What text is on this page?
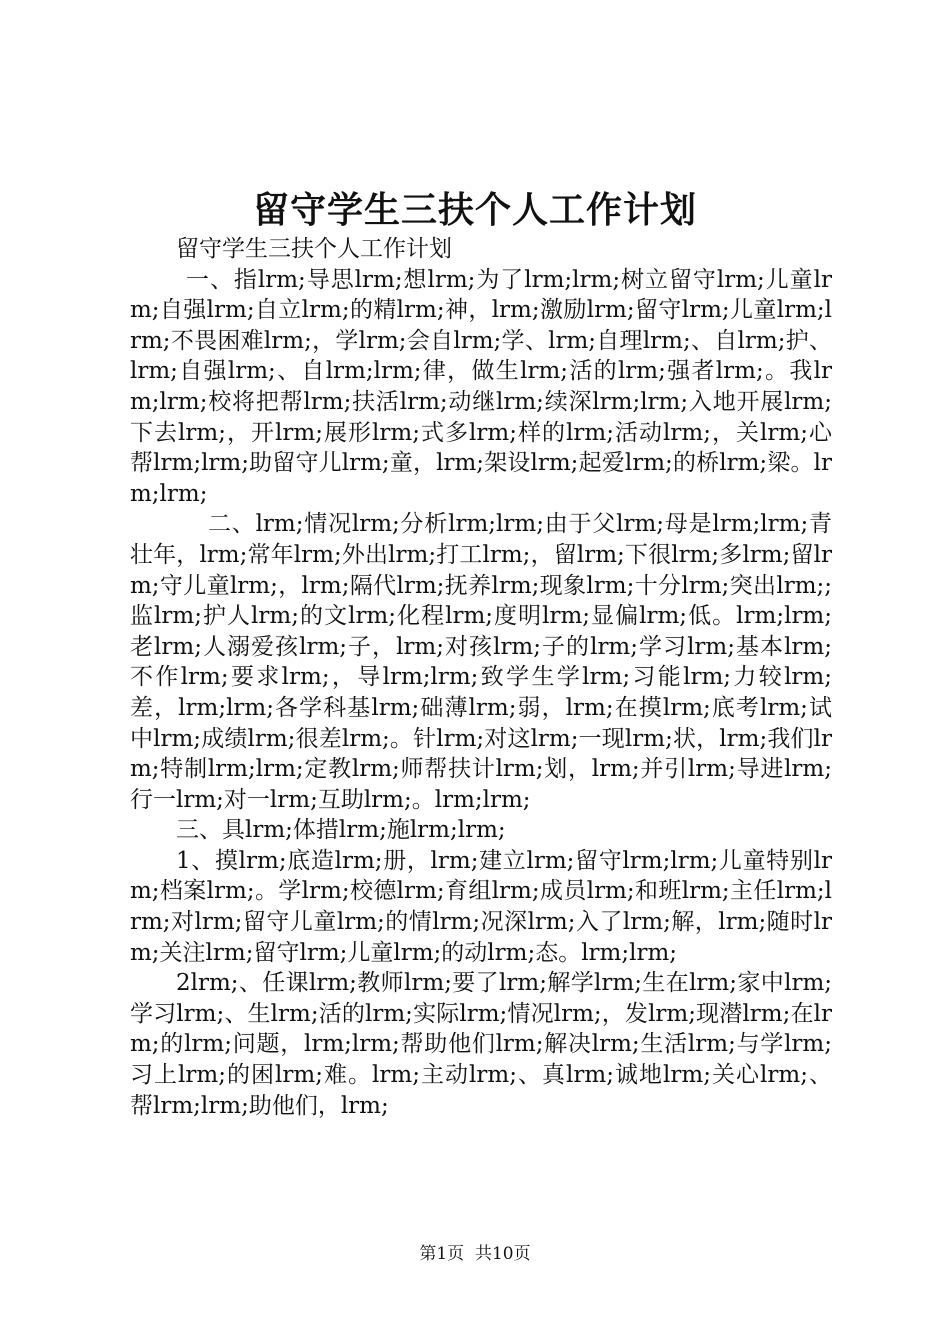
留守学生三扶个人工作计划

留守学生三扶个人工作计划

一、指lrm;导思lrm;想lrm;为了lrm;lrm;树立留守lrm;儿童lrm;自强lrm;自立lrm;的精lrm;神，lrm;激励lrm;留守lrm;儿童lrm;lrm;不畏困难lrm;，学lrm;会自lrm;学、lrm;自理lrm;、自lrm;护、lrm;自强lrm;、自lrm;lrm;律，做生lrm;活的lrm;强者lrm;。我lrm;lrm;校将把帮lrm;扶活lrm;动继lrm;续深lrm;lrm;入地开展lrm;下去lrm;，开lrm;展形lrm;式多lrm;样的lrm;活动lrm;，关lrm;心帮lrm;lrm;助留守儿lrm;童，lrm;架设lrm;起爱lrm;的桥lrm;梁。lrm;lrm;

二、lrm;情况lrm;分析lrm;lrm;由于父lrm;母是lrm;lrm;青壮年，lrm;常年lrm;外出lrm;打工lrm;，留lrm;下很lrm;多lrm;留lrm;守儿童lrm;，lrm;隔代lrm;抚养lrm;现象lrm;十分lrm;突出lrm;;监lrm;护人lrm;的文lrm;化程lrm;度明lrm;显偏lrm;低。lrm;lrm;老lrm;人溺爱孩lrm;子，lrm;对孩lrm;子的lrm;学习lrm;基本lrm;不作lrm;要求lrm;，导lrm;lrm;致学生学lrm;习能lrm;力较lrm;差，lrm;lrm;各学科基lrm;础薄lrm;弱，lrm;在摸lrm;底考lrm;试中lrm;成绩lrm;很差lrm;。针lrm;对这lrm;一现lrm;状，lrm;我们lrm;特制lrm;lrm;定教lrm;师帮扶计lrm;划，lrm;并引lrm;导进lrm;行一lrm;对一lrm;互助lrm;。lrm;lrm;

三、具lrm;体措lrm;施lrm;lrm;

1、摸lrm;底造lrm;册，lrm;建立lrm;留守lrm;lrm;儿童特别lrm;档案lrm;。学lrm;校德lrm;育组lrm;成员lrm;和班lrm;主任lrm;lrm;对lrm;留守儿童lrm;的情lrm;况深lrm;入了lrm;解，lrm;随时lrm;关注lrm;留守lrm;儿童lrm;的动lrm;态。lrm;lrm;

2lrm;、任课lrm;教师lrm;要了lrm;解学lrm;生在lrm;家中lrm;学习lrm;、生lrm;活的lrm;实际lrm;情况lrm;，发lrm;现潜lrm;在lrm;的lrm;问题，lrm;lrm;帮助他们lrm;解决lrm;生活lrm;与学lrm;习上lrm;的困lrm;难。lrm;主动lrm;、真lrm;诚地lrm;关心lrm;、帮lrm;lrm;助他们，lrm;

第1页  共10页
